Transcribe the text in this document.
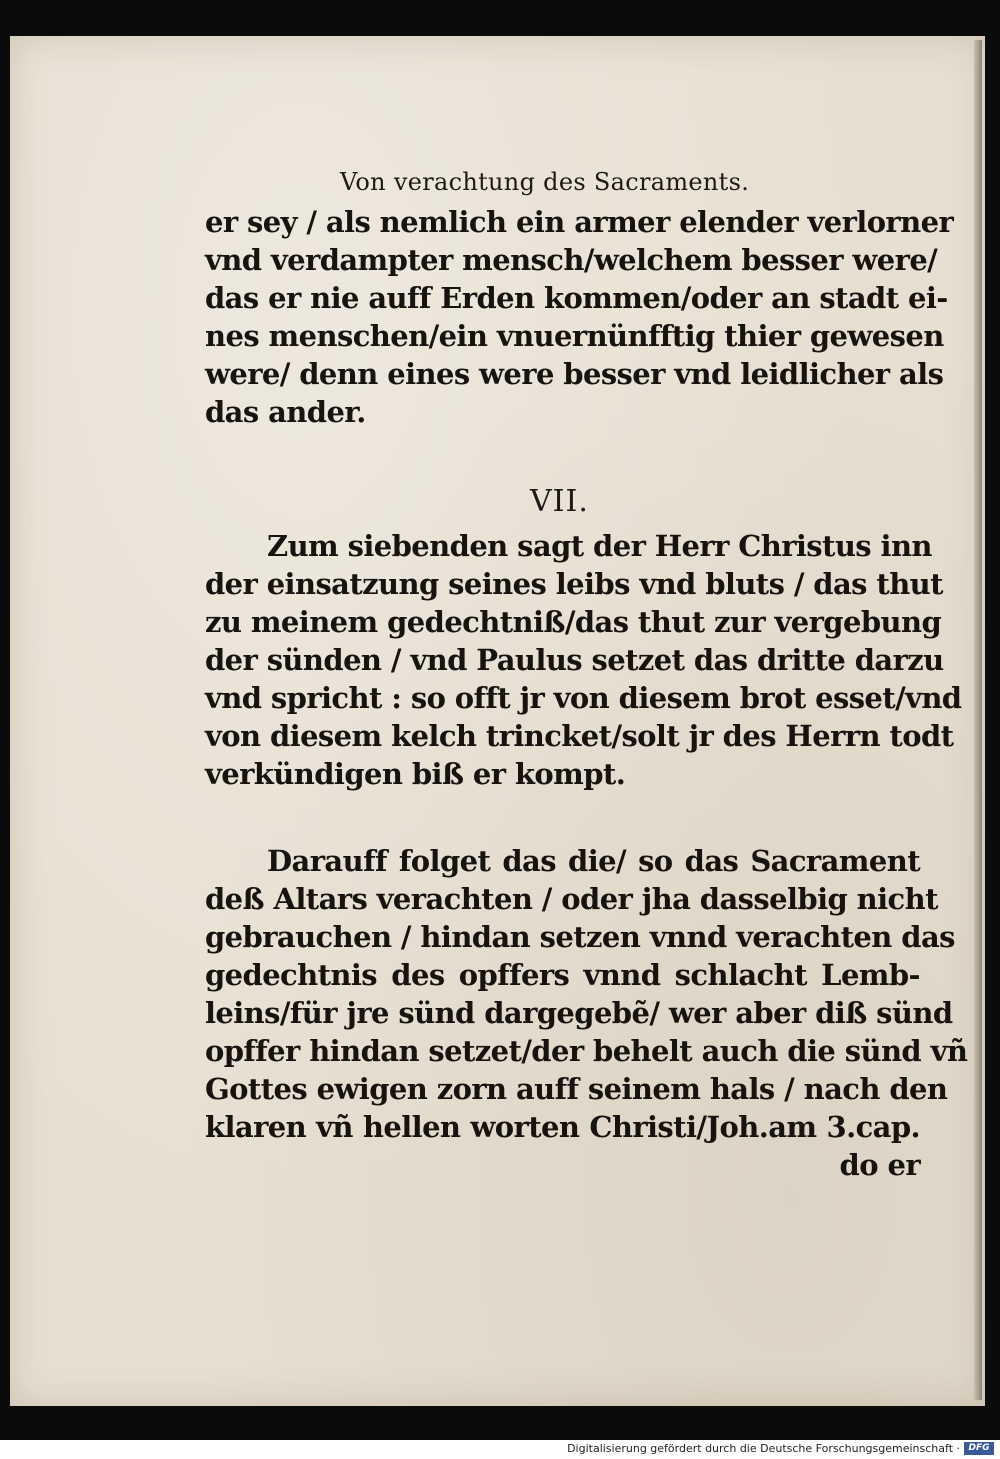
Von verachtung des Sacraments.
er sey / als nemlich ein armer elender verlorner
vnd verdampter mensch/welchem besser were/
das er nie auff Erden kommen/oder an stadt ei-
nes menschen/ein vnuernünfftig thier gewesen
were/ denn eines were besser vnd leidlicher als
das ander.
VII.
Zum siebenden sagt der Herr Christus inn
der einsatzung seines leibs vnd bluts / das thut
zu meinem gedechtniß/das thut zur vergebung
der sünden / vnd Paulus setzet das dritte darzu
vnd spricht : so offt jr von diesem brot esset/vnd
von diesem kelch trincket/solt jr des Herrn todt
verkündigen biß er kompt.
Darauff folget das die/ so das Sacrament
deß Altars verachten / oder jha dasselbig nicht
gebrauchen / hindan setzen vnnd verachten das
gedechtnis des opffers vnnd schlacht Lemb-
leins/für jre sünd dargegebẽ/ wer aber diß sünd
opffer hindan setzet/der behelt auch die sünd vñ
Gottes ewigen zorn auff seinem hals / nach den
klaren vñ hellen worten Christi/Joh.am 3.cap.
do er
Digitalisierung gefördert durch die Deutsche Forschungsgemeinschaft · DFG
